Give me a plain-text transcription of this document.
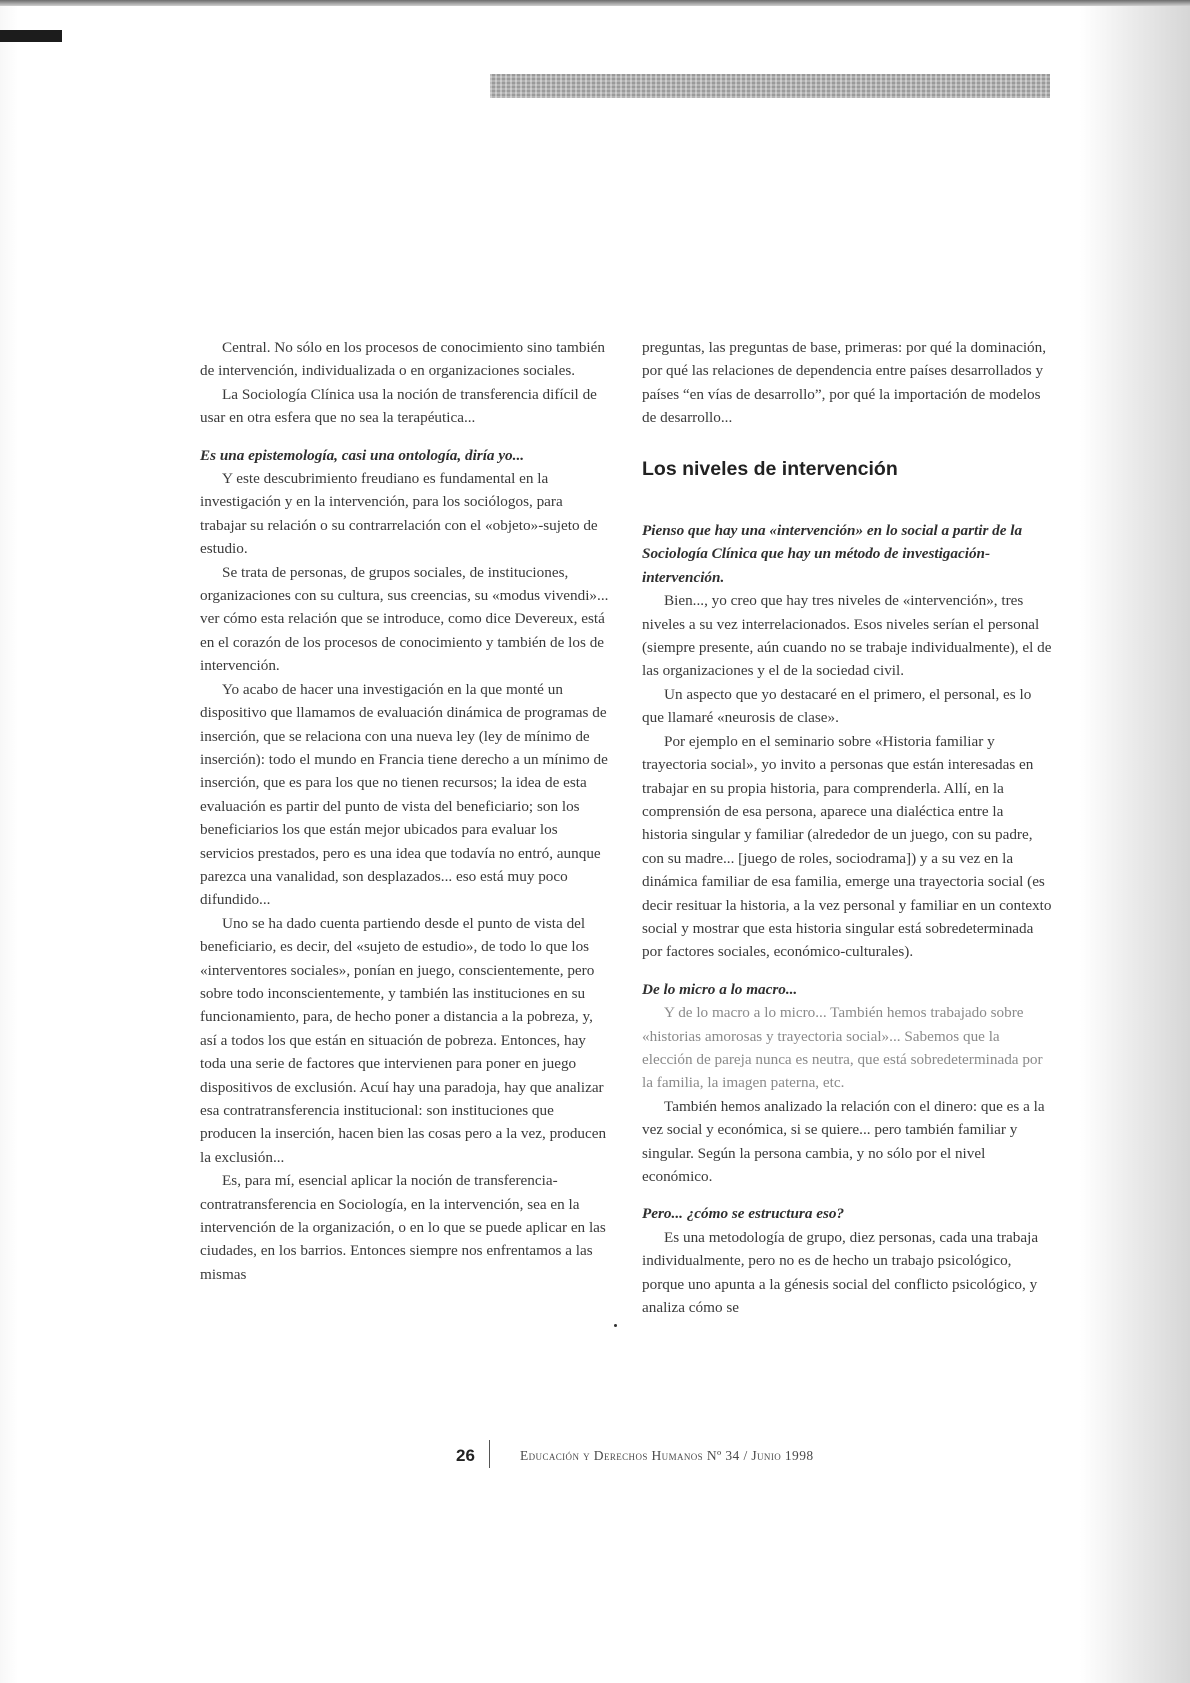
Central. No sólo en los procesos de conocimiento sino también de intervención, individualizada o en organizaciones sociales.

La Sociología Clínica usa la noción de transferencia difícil de usar en otra esfera que no sea la terapéutica...

Es una epistemología, casi una ontología, diría yo...

Y este descubrimiento freudiano es fundamental en la investigación y en la intervención, para los sociólogos, para trabajar su relación o su contrarrelación con el «objeto»-sujeto de estudio.

Se trata de personas, de grupos sociales, de instituciones, organizaciones con su cultura, sus creencias, su «modus vivendi»... ver cómo esta relación que se introduce, como dice Devereux, está en el corazón de los procesos de conocimiento y también de los de intervención.

Yo acabo de hacer una investigación en la que monté un dispositivo que llamamos de evaluación dinámica de programas de inserción, que se relaciona con una nueva ley (ley de mínimo de inserción): todo el mundo en Francia tiene derecho a un mínimo de inserción, que es para los que no tienen recursos; la idea de esta evaluación es partir del punto de vista del beneficiario; son los beneficiarios los que están mejor ubicados para evaluar los servicios prestados, pero es una idea que todavía no entró, aunque parezca una vanalidad, son desplazados... eso está muy poco difundido...

Uno se ha dado cuenta partiendo desde el punto de vista del beneficiario, es decir, del «sujeto de estudio», de todo lo que los «interventores sociales», ponían en juego, conscientemente, pero sobre todo inconscientemente, y también las instituciones en su funcionamiento, para, de hecho poner a distancia a la pobreza, y, así a todos los que están en situación de pobreza. Entonces, hay toda una serie de factores que intervienen para poner en juego dispositivos de exclusión. Acuí hay una paradoja, hay que analizar esa contratransferencia institucional: son instituciones que producen la inserción, hacen bien las cosas pero a la vez, producen la exclusión...

Es, para mí, esencial aplicar la noción de transferencia-contratransferencia en Sociología, en la intervención, sea en la intervención de la organización, o en lo que se puede aplicar en las ciudades, en los barrios. Entonces siempre nos enfrentamos a las mismas

preguntas, las preguntas de base, primeras: por qué la dominación, por qué las relaciones de dependencia entre países desarrollados y países “en vías de desarrollo”, por qué la importación de modelos de desarrollo...

Los niveles de intervención

Pienso que hay una «intervención» en lo social a partir de la Sociología Clínica que hay un método de investigación-intervención.

Bien..., yo creo que hay tres niveles de «intervención», tres niveles a su vez interrelacionados. Esos niveles serían el personal (siempre presente, aún cuando no se trabaje individualmente), el de las organizaciones y el de la sociedad civil.

Un aspecto que yo destacaré en el primero, el personal, es lo que llamaré «neurosis de clase».

Por ejemplo en el seminario sobre «Historia familiar y trayectoria social», yo invito a personas que están interesadas en trabajar en su propia historia, para comprenderla. Allí, en la comprensión de esa persona, aparece una dialéctica entre la historia singular y familiar (alrededor de un juego, con su padre, con su madre... [juego de roles, sociodrama]) y a su vez en la dinámica familiar de esa familia, emerge una trayectoria social (es decir resituar la historia, a la vez personal y familiar en un contexto social y mostrar que esta historia singular está sobredeterminada por factores sociales, económico-culturales).

De lo micro a lo macro...

Y de lo macro a lo micro... También hemos trabajado sobre «historias amorosas y trayectoria social»... Sabemos que la elección de pareja nunca es neutra, que está sobredeterminada por la familia, la imagen paterna, etc.

También hemos analizado la relación con el dinero: que es a la vez social y económica, si se quiere... pero también familiar y singular. Según la persona cambia, y no sólo por el nivel económico.

Pero... ¿cómo se estructura eso?

Es una metodología de grupo, diez personas, cada una trabaja individualmente, pero no es de hecho un trabajo psicológico, porque uno apunta a la génesis social del conflicto psicológico, y analiza cómo se

26	Educación y Derechos Humanos Nº 34 / Junio 1998
